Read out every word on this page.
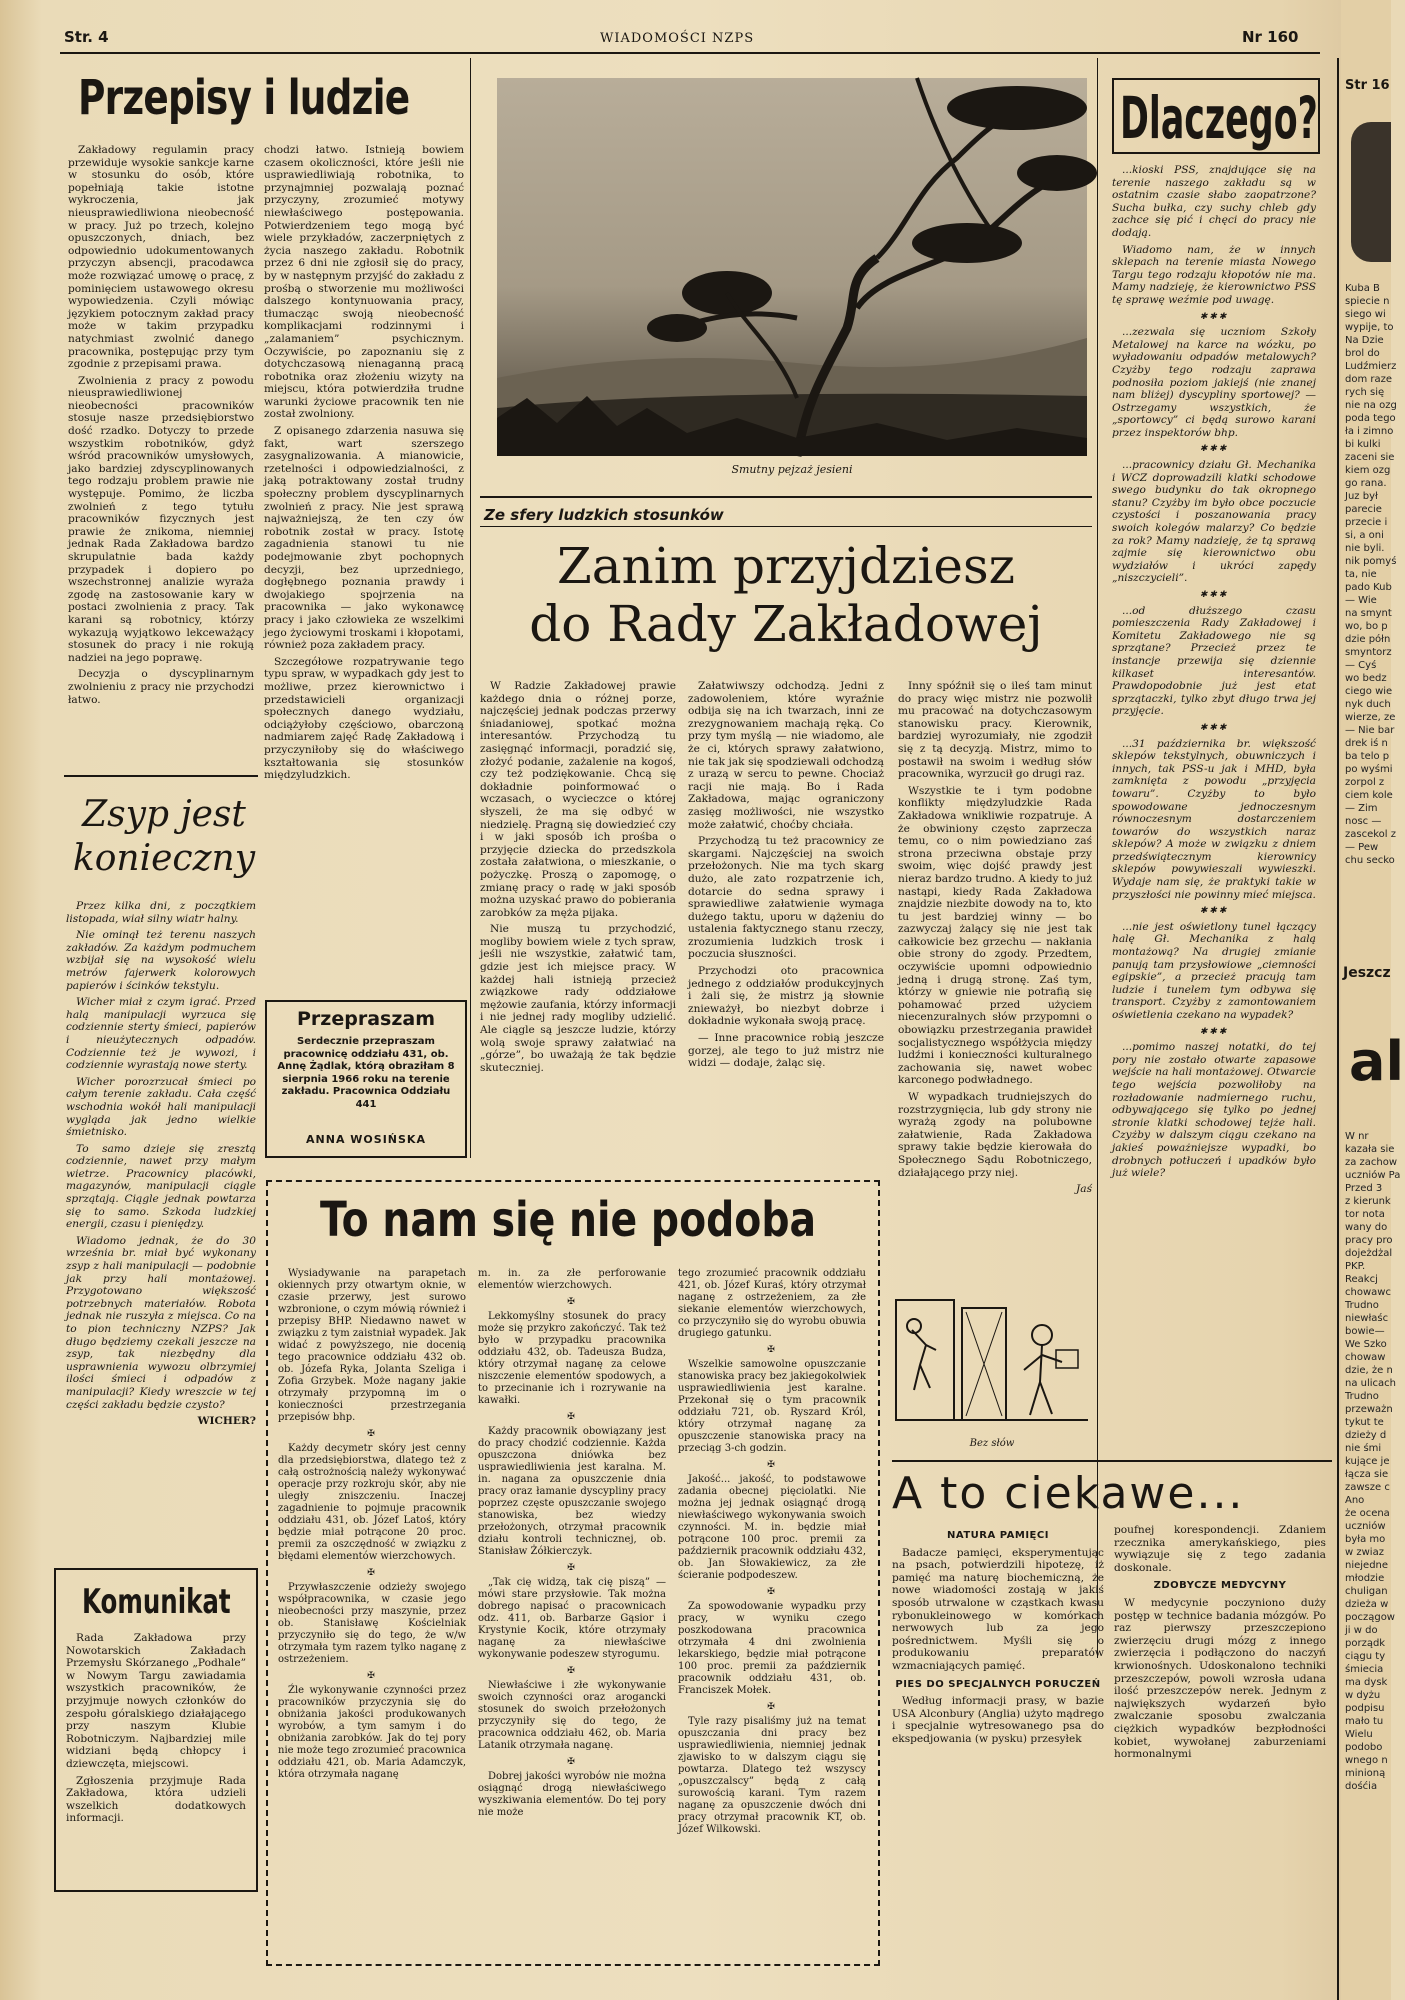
Str. 4	WIADOMOŚCI NZPS	Nr 160
Przepisy i ludzie

Zakładowy regulamin pracy przewiduje wysokie sankcje karne w stosunku do osób, które popełniają takie istotne wykroczenia, jak nieusprawiedliwiona nieobecność w pracy. Już po trzech, kolejno opuszczonych, dniach, bez odpowiednio udokumentowanych przyczyn absencji, pracodawca może rozwiązać umowę o pracę, z pominięciem ustawowego okresu wypowiedzenia. Czyli mówiąc językiem potocznym zakład pracy może w takim przypadku natychmiast zwolnić danego pracownika, postępując przy tym zgodnie z przepisami prawa.

Zwolnienia z pracy z powodu nieusprawiedliwionej nieobecności pracowników stosuje nasze przedsiębiorstwo dość rzadko. Dotyczy to przede wszystkim robotników, gdyż wśród pracowników umysłowych, jako bardziej zdyscyplinowanych tego rodzaju problem prawie nie występuje. Pomimo, że liczba zwolnień z tego tytułu pracowników fizycznych jest prawie że znikoma, niemniej jednak Rada Zakładowa bardzo skrupulatnie bada każdy przypadek i dopiero po wszechstronnej analizie wyraża zgodę na zastosowanie kary w postaci zwolnienia z pracy. Tak karani są robotnicy, którzy wykazują wyjątkowo lekceważący stosunek do pracy i nie rokują nadziei na jego poprawę.

Decyzja o dyscyplinarnym zwolnieniu z pracy nie przychodzi łatwo.

chodzi łatwo. Istnieją bowiem czasem okoliczności, które jeśli nie usprawiedliwiają robotnika, to przynajmniej pozwalają poznać przyczyny, zrozumieć motywy niewłaściwego postępowania. Potwierdzeniem tego mogą być wiele przykładów, zaczerpniętych z życia naszego zakładu. Robotnik przez 6 dni nie zgłosił się do pracy, by w następnym przyjść do zakładu z prośbą o stworzenie mu możliwości dalszego kontynuowania pracy, tłumacząc swoją nieobecność komplikacjami rodzinnymi i „zalamaniem” psychicznym. Oczywiście, po zapoznaniu się z dotychczasową nienaganną pracą robotnika oraz złożeniu wizyty na miejscu, która potwierdziła trudne warunki życiowe pracownik ten nie został zwolniony.

Z opisanego zdarzenia nasuwa się fakt, wart szerszego zasygnalizowania. A mianowicie, rzetelności i odpowiedzialności, z jaką potraktowany został trudny społeczny problem dyscyplinarnych zwolnień z pracy. Nie jest sprawą najważniejszą, że ten czy ów robotnik został w pracy. Istotę zagadnienia stanowi tu nie podejmowanie zbyt pochopnych decyzji, bez uprzedniego, dogłębnego poznania prawdy i dwojakiego spojrzenia na pracownika — jako wykonawcę pracy i jako człowieka ze wszelkimi jego życiowymi troskami i kłopotami, również poza zakładem pracy.

Szczegółowe rozpatrywanie tego typu spraw, w wypadkach gdy jest to możliwe, przez kierownictwo i przedstawicieli organizacji społecznych danego wydziału, odciążyłoby częściowo, obarczoną nadmiarem zajęć Radę Zakładową i przyczyniłoby się do właściwego kształtowania się stosunków międzyludzkich.

Zsyp jest konieczny

Przez kilka dni, z początkiem listopada, wiał silny wiatr halny.

Nie ominął też terenu naszych zakładów. Za każdym podmuchem wzbijał się na wysokość wielu metrów fajerwerk kolorowych papierów i ścinków tekstylu.

Wicher miał z czym igrać. Przed halą manipulacji wyrzuca się codziennie sterty śmieci, papierów i nieużytecznych odpadów. Codziennie też je wywozi, i codziennie wyrastają nowe sterty.

Wicher porozrzucał śmieci po całym terenie zakładu. Cała część wschodnia wokół hali manipulacji wygląda jak jedno wielkie śmietnisko.

To samo dzieje się zresztą codziennie, nawet przy małym wietrze. Pracownicy placówki, magazynów, manipulacji ciągle sprzątają. Ciągle jednak powtarza się to samo. Szkoda ludzkiej energii, czasu i pieniędzy.

Wiadomo jednak, że do 30 września br. miał być wykonany zsyp z hali manipulacji — podobnie jak przy hali montażowej. Przygotowano większość potrzebnych materiałów. Robota jednak nie ruszyła z miejsca. Co na to pion techniczny NZPS? Jak długo będziemy czekali jeszcze na zsyp, tak niezbędny dla usprawnienia wywozu olbrzymiej ilości śmieci i odpadów z manipulacji? Kiedy wreszcie w tej części zakładu będzie czysto?

WICHER?

Komunikat

Rada Zakładowa przy Nowotarskich Zakładach Przemysłu Skórzanego „Podhale” w Nowym Targu zawiadamia wszystkich pracowników, że przyjmuje nowych członków do zespołu góralskiego działającego przy naszym Klubie Robotniczym. Najbardziej mile widziani będą chłopcy i dziewczęta, miejscowi.

Zgłoszenia przyjmuje Rada Zakładowa, która udzieli wszelkich dodatkowych informacji.

Smutny pejzaż jesieni
Przepraszam
Serdecznie przepraszam pracownicę oddziału 431, ob. Annę Żądlak, którą obraziłam 8 sierpnia 1966 roku na terenie zakładu. Pracownica Oddziału 441
ANNA WOSIŃSKA
Ze sfery ludzkich stosunków
Zanim przyjdziesz
do Rady Zakładowej

W Radzie Zakładowej prawie każdego dnia o różnej porze, najczęściej jednak podczas przerwy śniadaniowej, spotkać można interesantów. Przychodzą tu zasięgnąć informacji, poradzić się, złożyć podanie, zażalenie na kogoś, czy też podziękowanie. Chcą się dokładnie poinformować o wczasach, o wycieczce o której słyszeli, że ma się odbyć w niedzielę. Pragną się dowiedzieć czy i w jaki sposób ich prośba o przyjęcie dziecka do przedszkola została załatwiona, o mieszkanie, o pożyczkę. Proszą o zapomogę, o zmianę pracy o radę w jaki sposób można uzyskać prawo do pobierania zarobków za męża pijaka.

Nie muszą tu przychodzić, mogliby bowiem wiele z tych spraw, jeśli nie wszystkie, załatwić tam, gdzie jest ich miejsce pracy. W każdej hali istnieją przecież związkowe rady oddziałowe mężowie zaufania, którzy informacji i nie jednej rady mogliby udzielić. Ale ciągle są jeszcze ludzie, którzy wolą swoje sprawy załatwiać na „górze”, bo uważają że tak będzie skuteczniej.

Załatwiwszy odchodzą. Jedni z zadowoleniem, które wyraźnie odbija się na ich twarzach, inni ze zrezygnowaniem machają ręką. Co przy tym myślą — nie wiadomo, ale że ci, których sprawy załatwiono, nie tak jak się spodziewali odchodzą z urazą w sercu to pewne. Chociaż racji nie mają. Bo i Rada Zakładowa, mając ograniczony zasięg możliwości, nie wszystko może załatwić, choćby chciała.

Przychodzą tu też pracownicy ze skargami. Najczęściej na swoich przełożonych. Nie ma tych skarg dużo, ale zato rozpatrzenie ich, dotarcie do sedna sprawy i sprawiedliwe załatwienie wymaga dużego taktu, uporu w dążeniu do ustalenia faktycznego stanu rzeczy, zrozumienia ludzkich trosk i poczucia słuszności.

Przychodzi oto pracownica jednego z oddziałów produkcyjnych i żali się, że mistrz ją słownie znieważył, bo niezbyt dobrze i dokładnie wykonała swoją pracę.

— Inne pracownice robią jeszcze gorzej, ale tego to już mistrz nie widzi — dodaje, żaląc się.

Inny spóźnił się o ileś tam minut do pracy więc mistrz nie pozwolił mu pracować na dotychczasowym stanowisku pracy. Kierownik, bardziej wyrozumiały, nie zgodził się z tą decyzją. Mistrz, mimo to postawił na swoim i według słów pracownika, wyrzucił go drugi raz.

Wszystkie te i tym podobne konflikty międzyludzkie Rada Zakładowa wnikliwie rozpatruje. A że obwiniony często zaprzecza temu, co o nim powiedziano zaś strona przeciwna obstaje przy swoim, więc dojść prawdy jest nieraz bardzo trudno. A kiedy to już nastąpi, kiedy Rada Zakładowa znajdzie niezbite dowody na to, kto tu jest bardziej winny — bo zazwyczaj żalący się nie jest tak całkowicie bez grzechu — nakłania obie strony do zgody. Przedtem, oczywiście upomni odpowiednio jedną i drugą stronę. Zaś tym, którzy w gniewie nie potrafią się pohamować przed użyciem niecenzuralnych słów przypomni o obowiązku przestrzegania prawideł socjalistycznego współżycia między ludźmi i konieczności kulturalnego zachowania się, nawet wobec karconego podwładnego.

W wypadkach trudniejszych do rozstrzygnięcia, lub gdy strony nie wyrażą zgody na polubowne załatwienie, Rada Zakładowa sprawy takie będzie kierowała do Społecznego Sądu Robotniczego, działającego przy niej.

Jaś

To nam się nie podoba

Wysiadywanie na parapetach okiennych przy otwartym oknie, w czasie przerwy, jest surowo wzbronione, o czym mówią również i przepisy BHP. Niedawno nawet w związku z tym zaistniał wypadek. Jak widać z powyższego, nie docenią tego pracownice oddziału 432 ob. ob. Józefa Ryka, Jolanta Szeliga i Zofia Grzybek. Może nagany jakie otrzymały przypomną im o konieczności przestrzegania przepisów bhp.

✠

Każdy decymetr skóry jest cenny dla przedsiębiorstwa, dlatego też z całą ostrożnością należy wykonywać operacje przy rozkroju skór, aby nie uległy zniszczeniu. Inaczej zagadnienie to pojmuje pracownik oddziału 431, ob. Józef Latoś, który będzie miał potrącone 20 proc. premii za oszczędność w związku z błędami elementów wierzchowych.

✠

Przywłaszczenie odzieży swojego współpracownika, w czasie jego nieobecności przy maszynie, przez ob. Stanisławę Kościelniak przyczyniło się do tego, że w/w otrzymała tym razem tylko naganę z ostrzeżeniem.

✠

Źle wykonywanie czynności przez pracowników przyczynia się do obniżania jakości produkowanych wyrobów, a tym samym i do obniżania zarobków. Jak do tej pory nie może tego zrozumieć pracownica oddziału 421, ob. Maria Adamczyk, która otrzymała naganę

m. in. za złe perforowanie elementów wierzchowych.

✠

Lekkomyślny stosunek do pracy może się przykro zakończyć. Tak też było w przypadku pracownika oddziału 432, ob. Tadeusza Budza, który otrzymał naganę za celowe niszczenie elementów spodowych, a to przecinanie ich i rozrywanie na kawałki.

✠

Każdy pracownik obowiązany jest do pracy chodzić codziennie. Każda opuszczona dniówka bez usprawiedliwienia jest karalna. M. in. nagana za opuszczenie dnia pracy oraz łamanie dyscypliny pracy poprzez częste opuszczanie swojego stanowiska, bez wiedzy przełożonych, otrzymał pracownik działu kontroli technicznej, ob. Stanisław Żółkierczyk.

✠

„Tak cię widzą, tak cię piszą” — mówi stare przysłowie. Tak można dobrego napisać o pracownicach odz. 411, ob. Barbarze Gąsior i Krystynie Kocik, które otrzymały naganę za niewłaściwe wykonywanie podeszew styrogumu.

✠

Niewłaściwe i złe wykonywanie swoich czynności oraz arogancki stosunek do swoich przełożonych przyczyniły się do tego, że pracownica oddziału 462, ob. Maria Latanik otrzymała naganę.

✠

Dobrej jakości wyrobów nie można osiągnąć drogą niewłaściwego wyszkiwania elementów. Do tej pory nie może

tego zrozumieć pracownik oddziału 421, ob. Józef Kuraś, który otrzymał naganę z ostrzeżeniem, za złe siekanie elementów wierzchowych, co przyczyniło się do wyrobu obuwia drugiego gatunku.

✠

Wszelkie samowolne opuszczanie stanowiska pracy bez jakiegokolwiek usprawiedliwienia jest karalne. Przekonał się o tym pracownik oddziału 721, ob. Ryszard Król, który otrzymał naganę za opuszczenie stanowiska pracy na przeciąg 3-ch godzin.

✠

Jakość... jakość, to podstawowe zadania obecnej pięciolatki. Nie można jej jednak osiągnąć drogą niewłaściwego wykonywania swoich czynności. M. in. będzie miał potrącone 100 proc. premii za październik pracownik oddziału 432, ob. Jan Słowakiewicz, za złe ścieranie podpodeszew.

✠

Za spowodowanie wypadku przy pracy, w wyniku czego poszkodowana pracownica otrzymała 4 dni zwolnienia lekarskiego, będzie miał potrącone 100 proc. premii za październik pracownik oddziału 431, ob. Franciszek Mołek.

✠

Tyle razy pisaliśmy już na temat opuszczania dni pracy bez usprawiedliwienia, niemniej jednak zjawisko to w dalszym ciągu się powtarza. Dlatego też wszyscy „opuszczalscy” będą z całą surowością karani. Tym razem naganę za opuszczenie dwóch dni pracy otrzymał pracownik KT, ob. Józef Wilkowski.

Bez słów
A to ciekawe...
NATURA PAMIĘCI

Badacze pamięci, eksperymentując na psach, potwierdzili hipotezę, iż pamięć ma naturę biochemiczną, że nowe wiadomości zostają w jakiś sposób utrwalone w cząstkach kwasu rybonukleinowego w komórkach nerwowych lub za jego pośrednictwem. Myśli się o produkowaniu preparatów wzmacniających pamięć.

PIES DO SPECJALNYCH PORUCZEŃ

Według informacji prasy, w bazie USA Alconbury (Anglia) użyto mądrego i specjalnie wytresowanego psa do ekspedjowania (w pysku) przesyłek

poufnej korespondencji. Zdaniem rzecznika amerykańskiego, pies wywiązuje się z tego zadania doskonale.

ZDOBYCZE MEDYCYNY

W medycynie poczyniono duży postęp w technice badania mózgów. Po raz pierwszy przeszczepiono zwierzęciu drugi mózg z innego zwierzęcia i podłączono do naczyń krwionośnych. Udoskonalono techniki przeszczepów, powoli wzrosła udana ilość przeszczepów nerek. Jednym z największych wydarzeń było zwalczanie sposobu zwalczania ciężkich wypadków bezpłodności kobiet, wywołanej zaburzeniami hormonalnymi

Dlaczego?

...kioski PSS, znajdujące się na terenie naszego zakładu są w ostatnim czasie słabo zaopatrzone? Sucha bułka, czy suchy chleb gdy zachce się pić i chęci do pracy nie dodają.

Wiadomo nam, że w innych sklepach na terenie miasta Nowego Targu tego rodzaju kłopotów nie ma. Mamy nadzieję, że kierownictwo PSS tę sprawę weźmie pod uwagę.

✱✱✱

...zezwala się uczniom Szkoły Metalowej na karce na wózku, po wyładowaniu odpadów metalowych? Czyżby tego rodzaju zaprawa podnosiła poziom jakiejś (nie znanej nam bliżej) dyscypliny sportowej? — Ostrzegamy wszystkich, że „sportowcy” ci będą surowo karani przez inspektorów bhp.

✱✱✱

...pracownicy działu Gł. Mechanika i WCZ doprowadzili klatki schodowe swego budynku do tak okropnego stanu? Czyżby im było obce poczucie czystości i poszanowania pracy swoich kolegów malarzy? Co będzie za rok? Mamy nadzieję, że tą sprawą zajmie się kierownictwo obu wydziałów i ukróci zapędy „niszczycieli”.

✱✱✱

...od dłuższego czasu pomieszczenia Rady Zakładowej i Komitetu Zakładowego nie są sprzątane? Przecież przez te instancje przewija się dziennie kilkaset interesantów. Prawdopodobnie już jest etat sprzątaczki, tylko zbyt długo trwa jej przyjęcie.

✱✱✱

...31 października br. większość sklepów tekstylnych, obuwniczych i innych, tak PSS-u jak i MHD, była zamknięta z powodu „przyjęcia towaru”. Czyżby to było spowodowane jednoczesnym równoczesnym dostarczeniem towarów do wszystkich naraz sklepów? A może w związku z dniem przedświątecznym kierownicy sklepów powywieszali wywieszki. Wydaje nam się, że praktyki takie w przyszłości nie powinny mieć miejsca.

✱✱✱

...nie jest oświetlony tunel łączący halę Gł. Mechanika z halą montażową? Na drugiej zmianie panują tam przysłowiowe „ciemności egipskie”, a przecież pracują tam ludzie i tunelem tym odbywa się transport. Czyżby z zamontowaniem oświetlenia czekano na wypadek?

✱✱✱

...pomimo naszej notatki, do tej pory nie zostało otwarte zapasowe wejście na hali montażowej. Otwarcie tego wejścia pozwoliłoby na rozładowanie nadmiernego ruchu, odbywającego się tylko po jednej stronie klatki schodowej tejże hali. Czyżby w dalszym ciągu czekano na jakieś poważniejsze wypadki, bo drobnych potłuczeń i upadków było już wiele?

Str 16
Kuba B
spiecie n
siego wi
wypije, to
Na Dzie
brol do
Ludźmierz
dom raze
rych się
nie na ozg
poda tego
ła i zimno
bi kulki
zaceni sie
kiem ozg
go rana.
Juz był
parecie
przecie i
si, a oni
nie byli.
nik pomyś
ta, nie
pado Kub
— Wie
na smynt
wo, bo p
dzie półn
smyntorz
— Cyś
wo bedz
ciego wie
nyk duch
wierze, ze
— Nie bar
drek iś n
ba telo p
po wyśmi
zorpol z
ciem kole
— Zim
nosc —
zascekol z
— Pew
chu secko
Jeszcz
al
W nr
kazała sie
za zachow
uczniów Pa
Przed 3
z kierunk
tor nota
wany do
pracy pro
dojeżdżal
PKP.
Reakcj
chowawc
Trudno
niewłaśc
bowie—
We Szko
chowaw
dzie, że n
na ulicach
Trudno
przeważn
tykut te
dzieży d
nie śmi
kujące je
łącza sie
zawsze c
Ano
że ocena
uczniów
była mo
w zwiaz
niejedne
młodzie
chuligan
dzieża w
począgow
ji w do
porządk
ciągu ty
śmiecia
ma dysk
w dyżu
podpisu
mało tu
Wielu
podobo
wnego n
minioną
dośćia
